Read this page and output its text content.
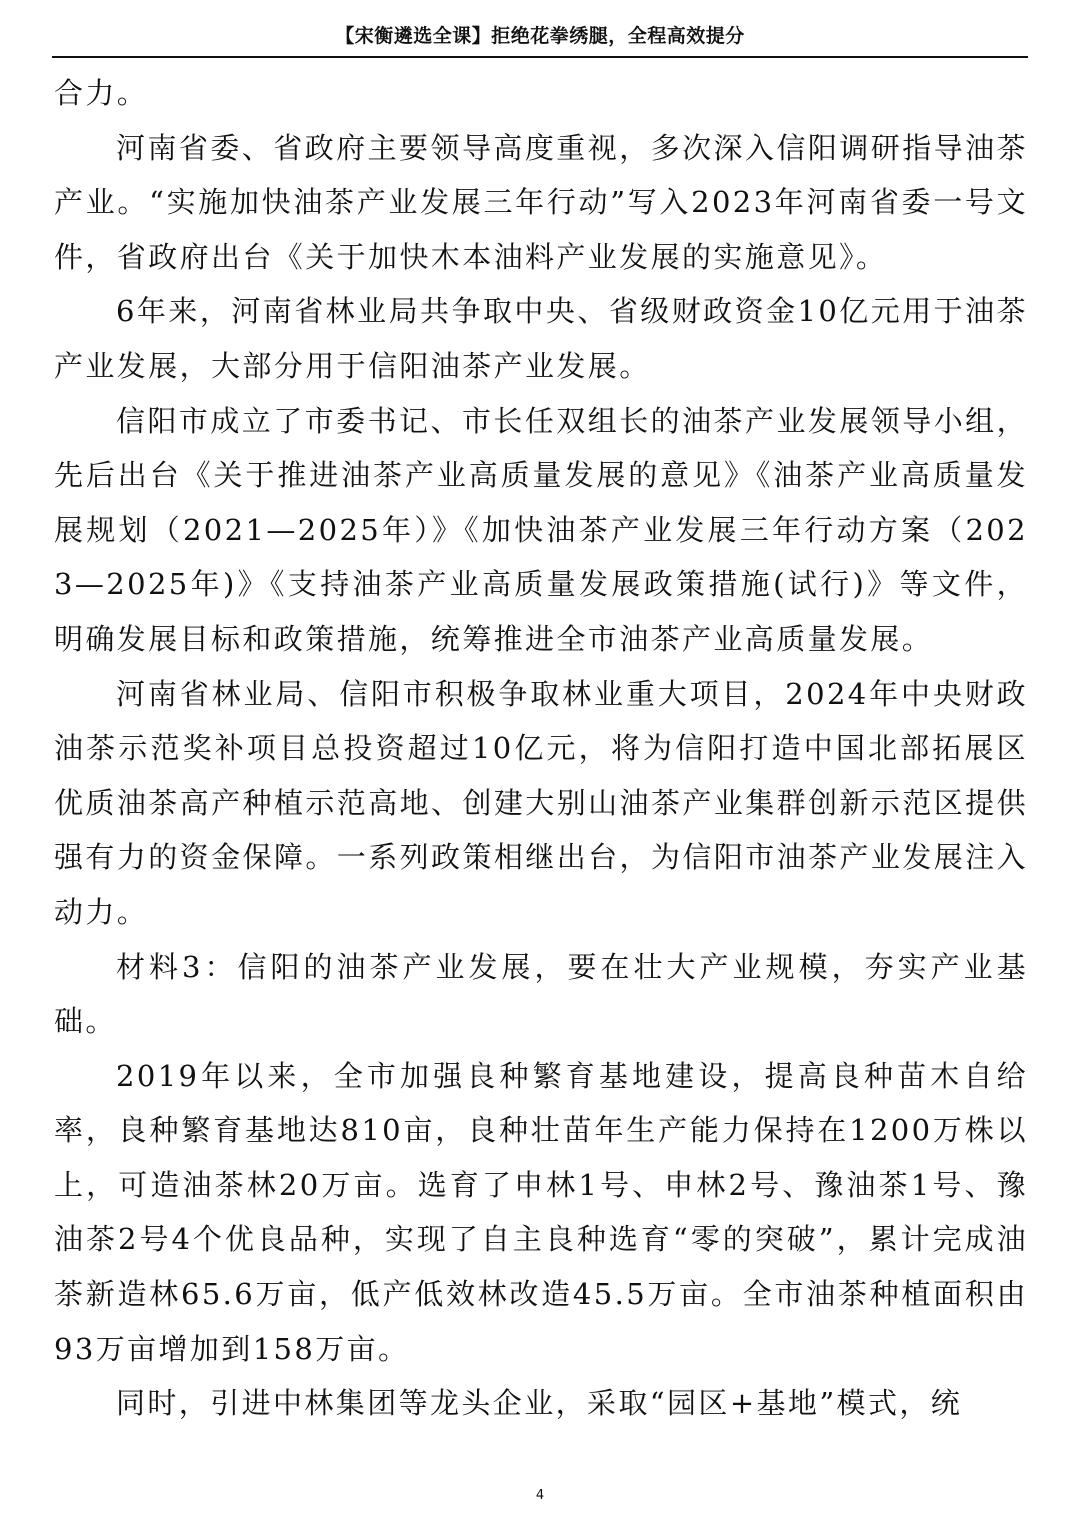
【宋衡遴选全课】拒绝花拳绣腿，全程高效提分

合力。

河南省委、省政府主要领导高度重视，多次深入信阳调研指导油茶产业。“实施加快油茶产业发展三年行动”写入2023年河南省委一号文件，省政府出台《关于加快木本油料产业发展的实施意见》。

6年来，河南省林业局共争取中央、省级财政资金10亿元用于油茶产业发展，大部分用于信阳油茶产业发展。

信阳市成立了市委书记、市长任双组长的油茶产业发展领导小组，先后出台《关于推进油茶产业高质量发展的意见》《油茶产业高质量发展规划（2021—2025年）》《加快油茶产业发展三年行动方案（2023—2025年)》《支持油茶产业高质量发展政策措施(试行)》等文件，明确发展目标和政策措施，统筹推进全市油茶产业高质量发展。

河南省林业局、信阳市积极争取林业重大项目，2024年中央财政油茶示范奖补项目总投资超过10亿元，将为信阳打造中国北部拓展区优质油茶高产种植示范高地、创建大别山油茶产业集群创新示范区提供强有力的资金保障。一系列政策相继出台，为信阳市油茶产业发展注入动力。

材料3：信阳的油茶产业发展，要在壮大产业规模，夯实产业基础。

2019年以来，全市加强良种繁育基地建设，提高良种苗木自给率，良种繁育基地达810亩，良种壮苗年生产能力保持在1200万株以上，可造油茶林20万亩。选育了申林1号、申林2号、豫油茶1号、豫油茶2号4个优良品种，实现了自主良种选育“零的突破”，累计完成油茶新造林65.6万亩，低产低效林改造45.5万亩。全市油茶种植面积由93万亩增加到158万亩。

同时，引进中林集团等龙头企业，采取“园区+基地”模式，统

4
